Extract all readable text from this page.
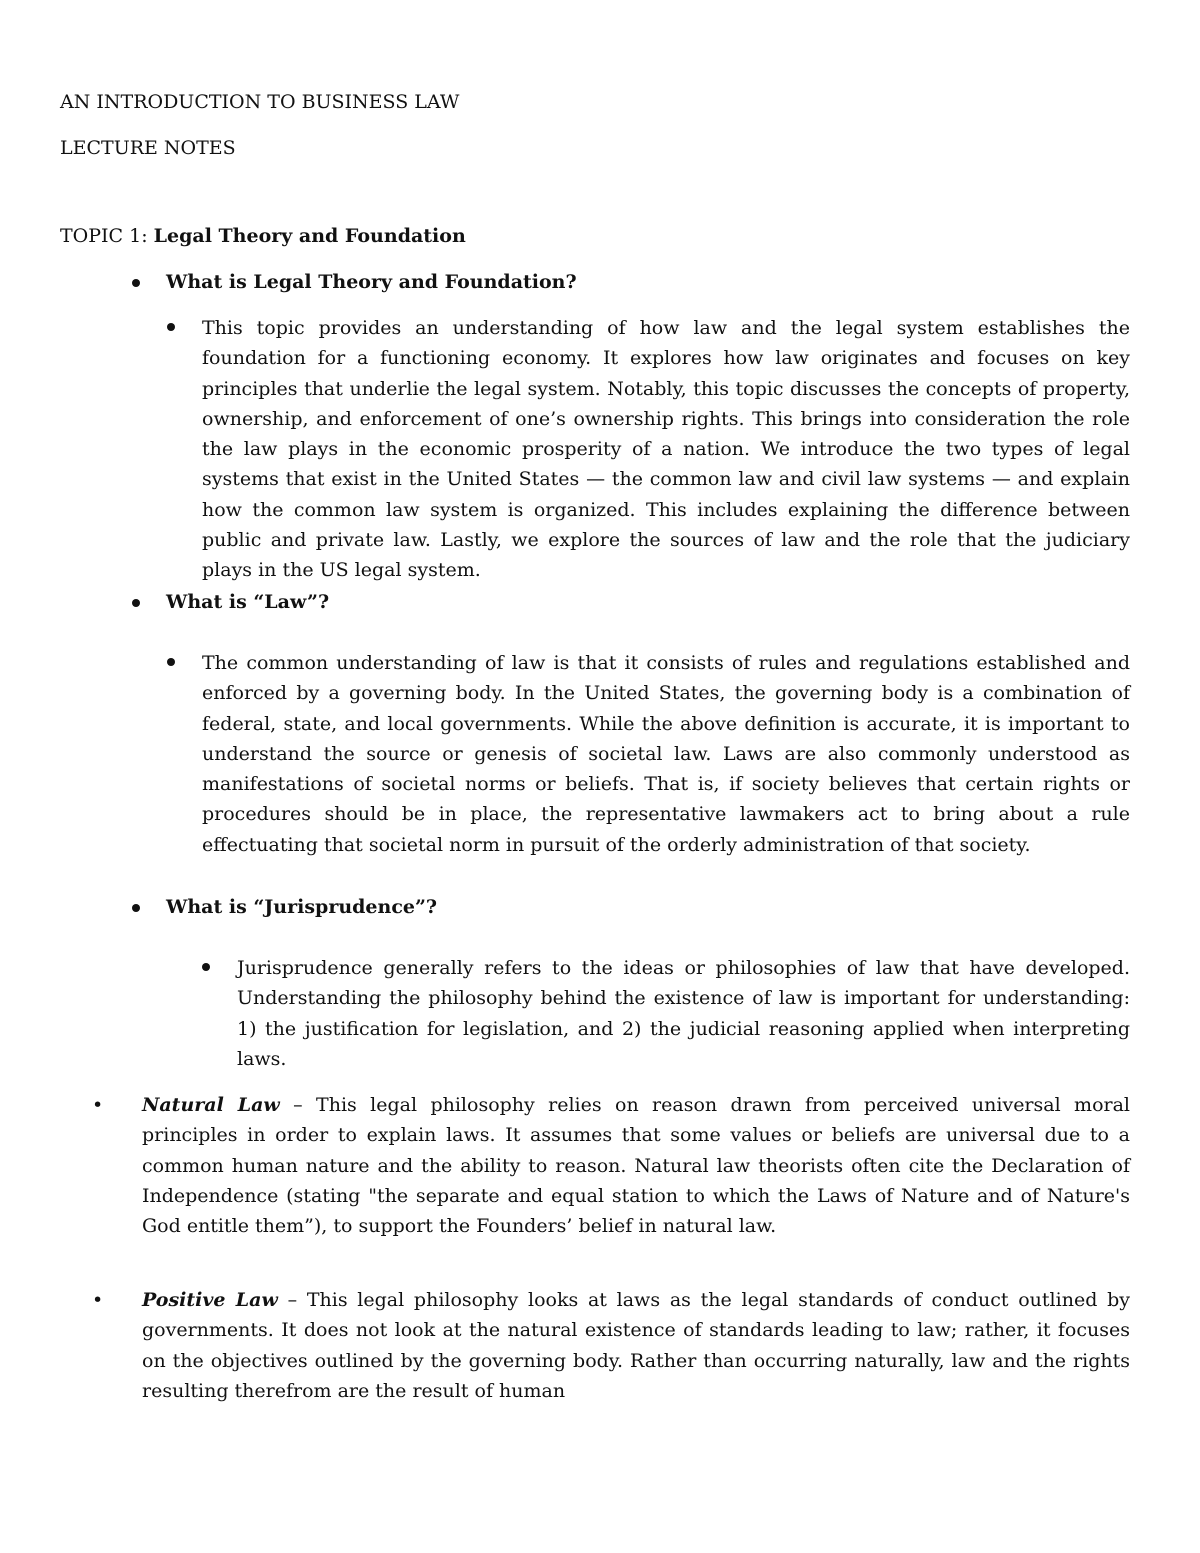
AN INTRODUCTION TO BUSINESS LAW
LECTURE NOTES
TOPIC 1: Legal Theory and Foundation
What is Legal Theory and Foundation?

This topic provides an understanding of how law and the legal system establishes the foundation for a functioning economy. It explores how law originates and focuses on key principles that underlie the legal system. Notably, this topic discusses the concepts of property, ownership, and enforcement of one’s ownership rights. This brings into consideration the role the law plays in the economic prosperity of a nation. We introduce the two types of legal systems that exist in the United States — the common law and civil law systems — and explain how the common law system is organized. This includes explaining the difference between public and private law. Lastly, we explore the sources of law and the role that the judiciary plays in the US legal system.

What is “Law”?

The common understanding of law is that it consists of rules and regulations established and enforced by a governing body. In the United States, the governing body is a combination of federal, state, and local governments. While the above definition is accurate, it is important to understand the source or genesis of societal law. Laws are also commonly understood as manifestations of societal norms or beliefs. That is, if society believes that certain rights or procedures should be in place, the representative lawmakers act to bring about a rule effectuating that societal norm in pursuit of the orderly administration of that society.

What is “Jurisprudence”?

Jurisprudence generally refers to the ideas or philosophies of law that have developed. Understanding the philosophy behind the existence of law is important for understanding: 1) the justification for legislation, and 2) the judicial reasoning applied when interpreting laws.

• Natural Law – This legal philosophy relies on reason drawn from perceived universal moral principles in order to explain laws. It assumes that some values or beliefs are universal due to a common human nature and the ability to reason. Natural law theorists often cite the Declaration of Independence (stating "the separate and equal station to which the Laws of Nature and of Nature's God entitle them”), to support the Founders’ belief in natural law.

• Positive Law – This legal philosophy looks at laws as the legal standards of conduct outlined by governments. It does not look at the natural existence of standards leading to law; rather, it focuses on the objectives outlined by the governing body. Rather than occurring naturally, law and the rights resulting therefrom are the result of human
